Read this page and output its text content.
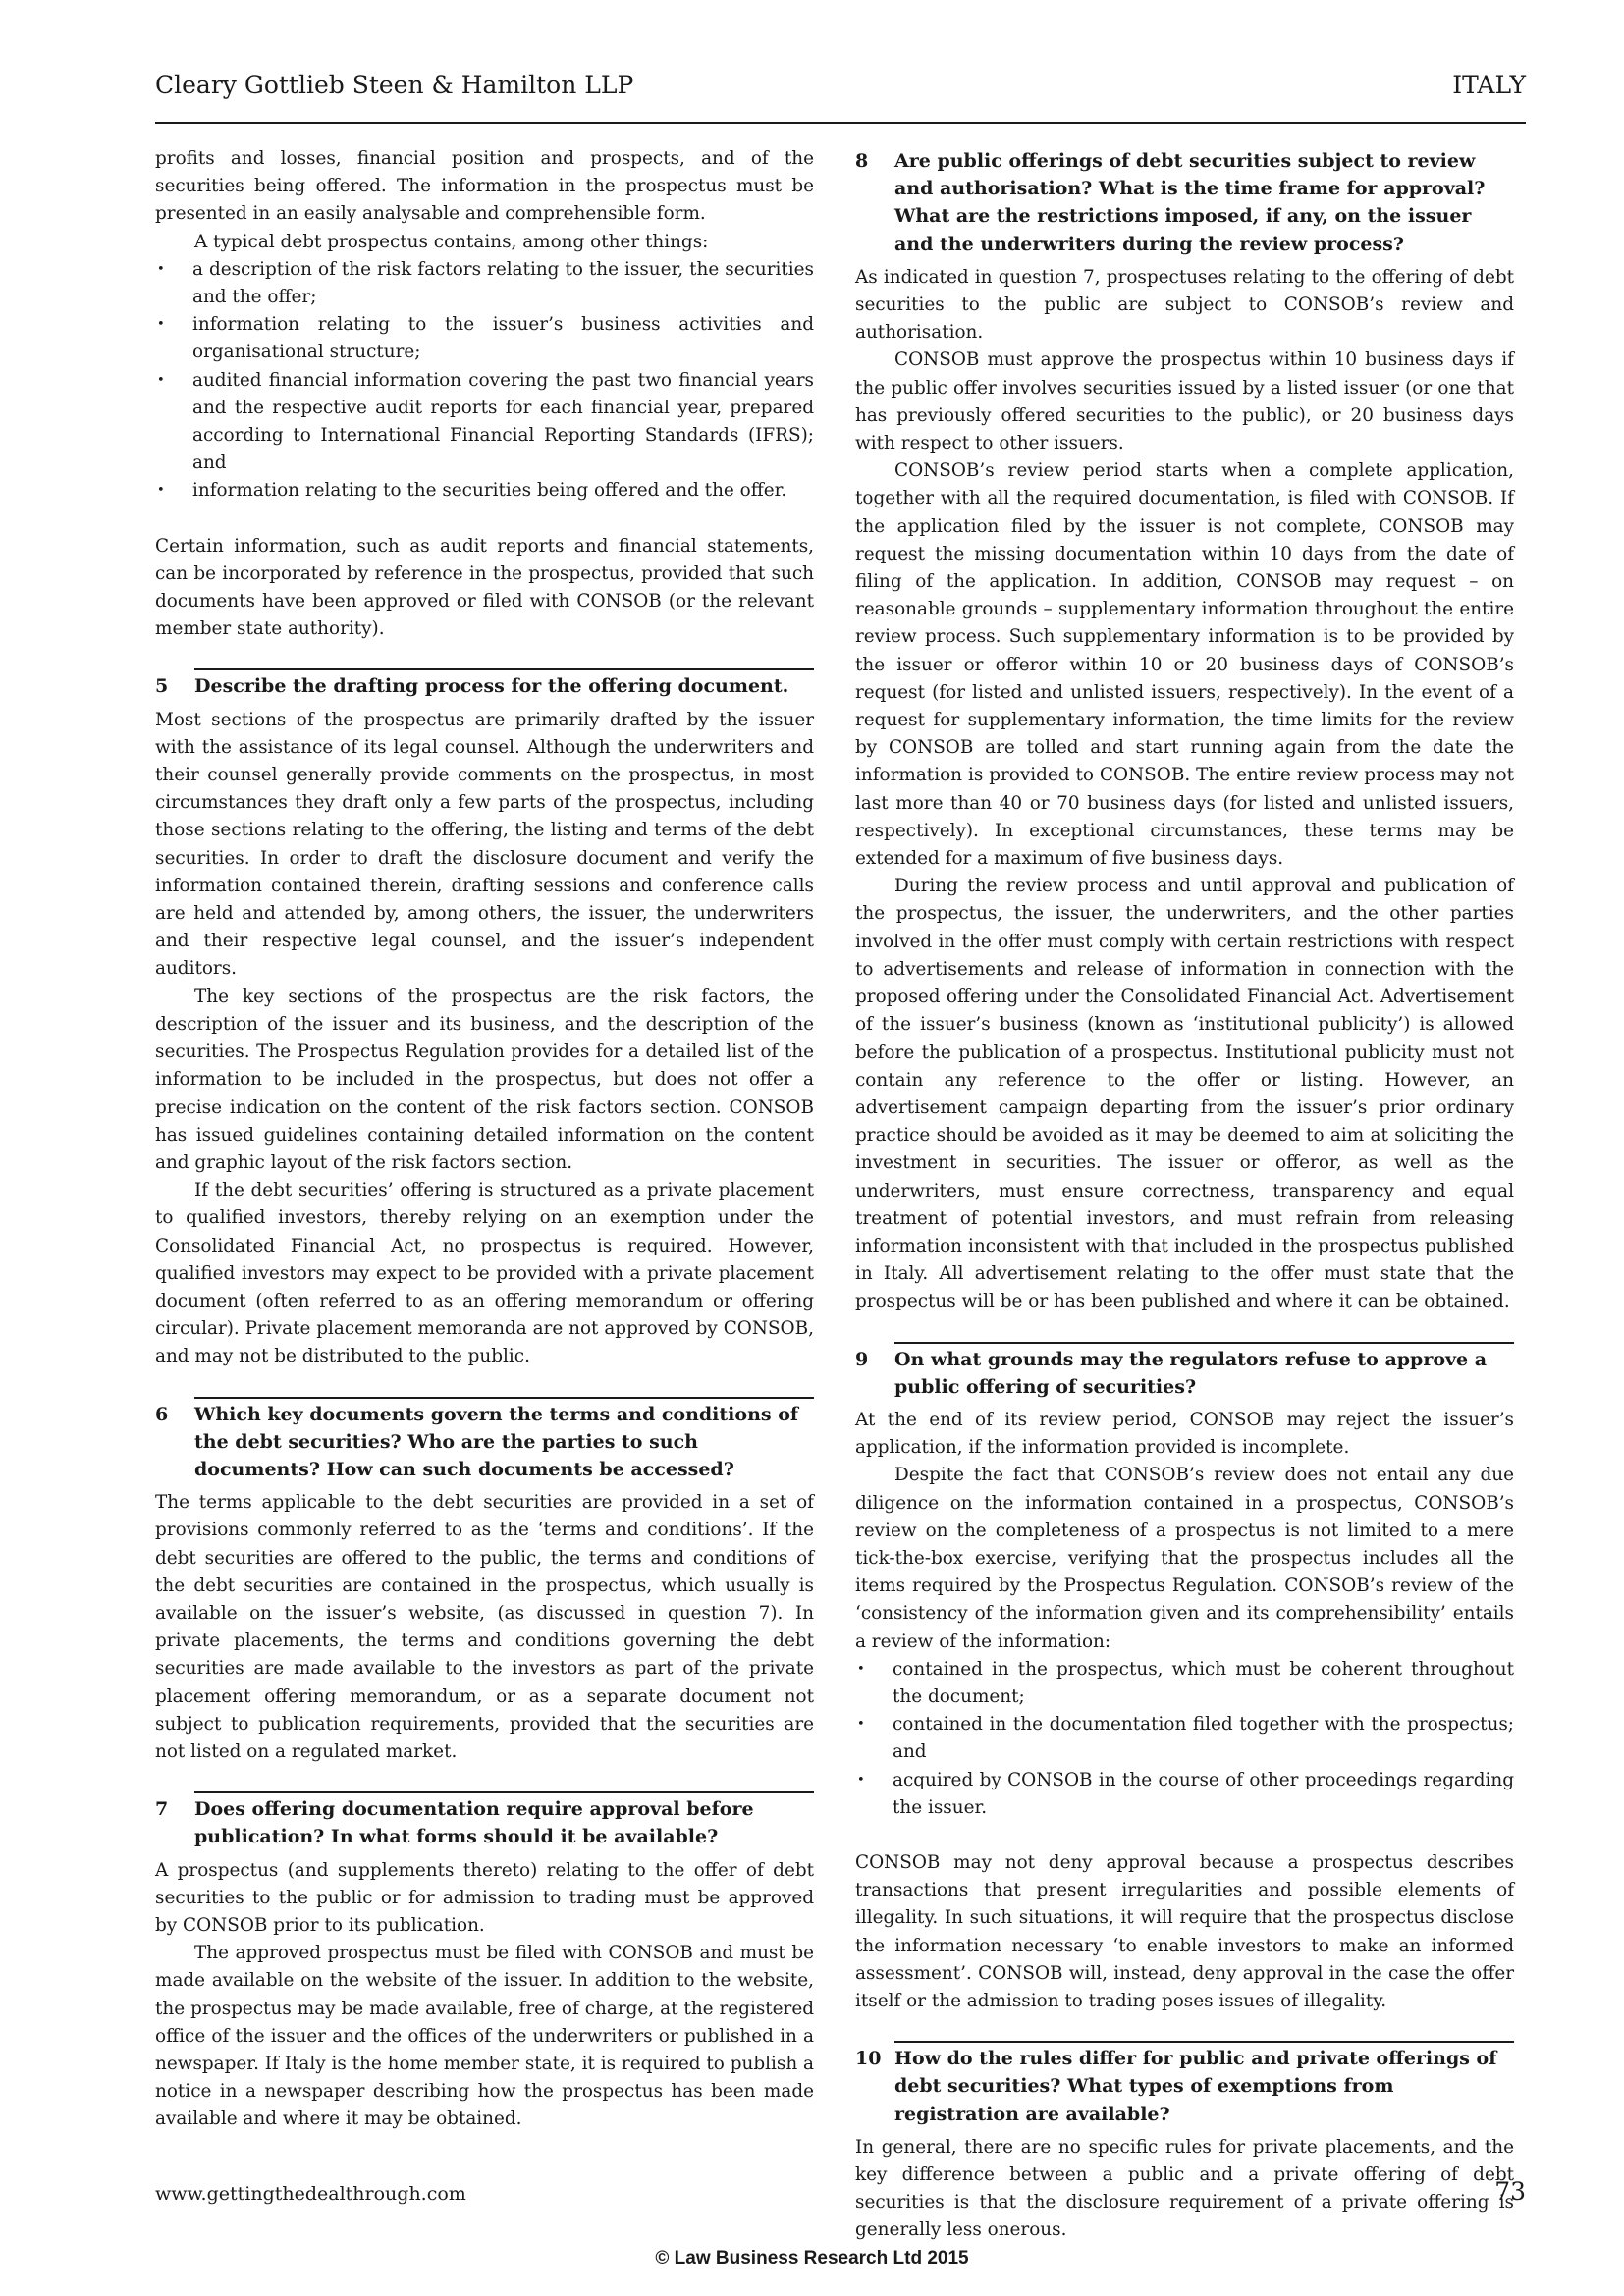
Cleary Gottlieb Steen & Hamilton LLP	ITALY

profits and losses, financial position and prospects, and of the securities being offered. The information in the prospectus must be presented in an easily analysable and comprehensible form.

A typical debt prospectus contains, among other things:

• a description of the risk factors relating to the issuer, the securities and the offer;
• information relating to the issuer’s business activities and organisational structure;
• audited financial information covering the past two financial years and the respective audit reports for each financial year, prepared according to International Financial Reporting Standards (IFRS); and
• information relating to the securities being offered and the offer.

Certain information, such as audit reports and financial statements, can be incorporated by reference in the prospectus, provided that such documents have been approved or filed with CONSOB (or the relevant member state authority).

5	Describe the drafting process for the offering document.

Most sections of the prospectus are primarily drafted by the issuer with the assistance of its legal counsel. Although the underwriters and their counsel generally provide comments on the prospectus, in most circumstances they draft only a few parts of the prospectus, including those sections relating to the offering, the listing and terms of the debt securities. In order to draft the disclosure document and verify the information contained therein, drafting sessions and conference calls are held and attended by, among others, the issuer, the underwriters and their respective legal counsel, and the issuer’s independent auditors.

The key sections of the prospectus are the risk factors, the description of the issuer and its business, and the description of the securities. The Prospectus Regulation provides for a detailed list of the information to be included in the prospectus, but does not offer a precise indication on the content of the risk factors section. CONSOB has issued guidelines containing detailed information on the content and graphic layout of the risk factors section.

If the debt securities’ offering is structured as a private placement to qualified investors, thereby relying on an exemption under the Consolidated Financial Act, no prospectus is required. However, qualified investors may expect to be provided with a private placement document (often referred to as an offering memorandum or offering circular). Private placement memoranda are not approved by CONSOB, and may not be distributed to the public.

6	Which key documents govern the terms and conditions of the debt securities? Who are the parties to such documents? How can such documents be accessed?

The terms applicable to the debt securities are provided in a set of provisions commonly referred to as the ‘terms and conditions’. If the debt securities are offered to the public, the terms and conditions of the debt securities are contained in the prospectus, which usually is available on the issuer’s website, (as discussed in question 7). In private placements, the terms and conditions governing the debt securities are made available to the investors as part of the private placement offering memorandum, or as a separate document not subject to publication requirements, provided that the securities are not listed on a regulated market.

7	Does offering documentation require approval before publication? In what forms should it be available?

A prospectus (and supplements thereto) relating to the offer of debt securities to the public or for admission to trading must be approved by CONSOB prior to its publication.

The approved prospectus must be filed with CONSOB and must be made available on the website of the issuer. In addition to the website, the prospectus may be made available, free of charge, at the registered office of the issuer and the offices of the underwriters or published in a newspaper. If Italy is the home member state, it is required to publish a notice in a newspaper describing how the prospectus has been made available and where it may be obtained.

8	Are public offerings of debt securities subject to review and authorisation? What is the time frame for approval? What are the restrictions imposed, if any, on the issuer and the underwriters during the review process?

As indicated in question 7, prospectuses relating to the offering of debt securities to the public are subject to CONSOB’s review and authorisation.

CONSOB must approve the prospectus within 10 business days if the public offer involves securities issued by a listed issuer (or one that has previously offered securities to the public), or 20 business days with respect to other issuers.

CONSOB’s review period starts when a complete application, together with all the required documentation, is filed with CONSOB. If the application filed by the issuer is not complete, CONSOB may request the missing documentation within 10 days from the date of filing of the application. In addition, CONSOB may request – on reasonable grounds – supplementary information throughout the entire review process. Such supplementary information is to be provided by the issuer or offeror within 10 or 20 business days of CONSOB’s request (for listed and unlisted issuers, respectively). In the event of a request for supplementary information, the time limits for the review by CONSOB are tolled and start running again from the date the information is provided to CONSOB. The entire review process may not last more than 40 or 70 business days (for listed and unlisted issuers, respectively). In exceptional circumstances, these terms may be extended for a maximum of five business days.

During the review process and until approval and publication of the prospectus, the issuer, the underwriters, and the other parties involved in the offer must comply with certain restrictions with respect to advertisements and release of information in connection with the proposed offering under the Consolidated Financial Act. Advertisement of the issuer’s business (known as ‘institutional publicity’) is allowed before the publication of a prospectus. Institutional publicity must not contain any reference to the offer or listing. However, an advertisement campaign departing from the issuer’s prior ordinary practice should be avoided as it may be deemed to aim at soliciting the investment in securities. The issuer or offeror, as well as the underwriters, must ensure correctness, transparency and equal treatment of potential investors, and must refrain from releasing information inconsistent with that included in the prospectus published in Italy. All advertisement relating to the offer must state that the prospectus will be or has been published and where it can be obtained.

9	On what grounds may the regulators refuse to approve a public offering of securities?

At the end of its review period, CONSOB may reject the issuer’s application, if the information provided is incomplete.

Despite the fact that CONSOB’s review does not entail any due diligence on the information contained in a prospectus, CONSOB’s review on the completeness of a prospectus is not limited to a mere tick-the-box exercise, verifying that the prospectus includes all the items required by the Prospectus Regulation. CONSOB’s review of the ‘consistency of the information given and its comprehensibility’ entails a review of the information:

• contained in the prospectus, which must be coherent throughout the document;
• contained in the documentation filed together with the prospectus; and
• acquired by CONSOB in the course of other proceedings regarding the issuer.

CONSOB may not deny approval because a prospectus describes transactions that present irregularities and possible elements of illegality. In such situations, it will require that the prospectus disclose the information necessary ‘to enable investors to make an informed assessment’. CONSOB will, instead, deny approval in the case the offer itself or the admission to trading poses issues of illegality.

10 How do the rules differ for public and private offerings of debt securities? What types of exemptions from registration are available?

In general, there are no specific rules for private placements, and the key difference between a public and a private offering of debt securities is that the disclosure requirement of a private offering is generally less onerous.

www.gettingthedealthrough.com	73
© Law Business Research Ltd 2015
